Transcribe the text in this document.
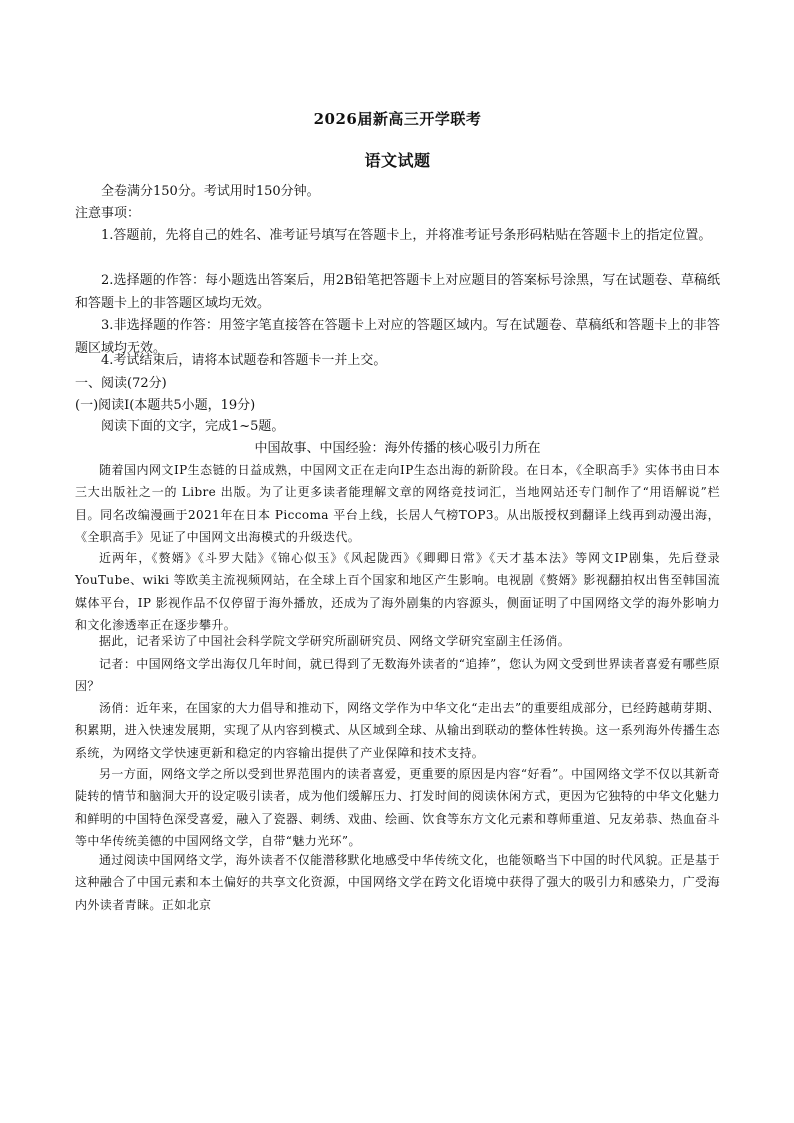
2026届新高三开学联考
语文试题
全卷满分150分。考试用时150分钟。
注意事项：
1.答题前，先将自己的姓名、准考证号填写在答题卡上，并将准考证号条形码粘贴在答题卡上的指定位置。
2.选择题的作答：每小题选出答案后，用2B铅笔把答题卡上对应题目的答案标号涂黑，写在试题卷、草稿纸和答题卡上的非答题区域均无效。
3.非选择题的作答：用签字笔直接答在答题卡上对应的答题区域内。写在试题卷、草稿纸和答题卡上的非答题区域均无效。
4.考试结束后，请将本试题卷和答题卡一并上交。
一、阅读(72分)
(一)阅读Ⅰ(本题共5小题，19分)
阅读下面的文字，完成1~5题。
中国故事、中国经验：海外传播的核心吸引力所在
随着国内网文IP生态链的日益成熟，中国网文正在走向IP生态出海的新阶段。在日本，《全职高手》实体书由日本三大出版社之一的 Libre 出版。为了让更多读者能理解文章的网络竞技词汇，当地网站还专门制作了“用语解说”栏目。同名改编漫画于2021年在日本 Piccoma 平台上线，长居人气榜TOP3。从出版授权到翻译上线再到动漫出海，《全职高手》见证了中国网文出海模式的升级迭代。
近两年，《赘婿》《斗罗大陆》《锦心似玉》《风起陇西》《卿卿日常》《天才基本法》等网文IP剧集，先后登录 YouTube、wiki 等欧美主流视频网站，在全球上百个国家和地区产生影响。电视剧《赘婿》影视翻拍权出售至韩国流媒体平台，IP 影视作品不仅停留于海外播放，还成为了海外剧集的内容源头，侧面证明了中国网络文学的海外影响力和文化渗透率正在逐步攀升。
据此，记者采访了中国社会科学院文学研究所副研究员、网络文学研究室副主任汤俏。
记者：中国网络文学出海仅几年时间，就已得到了无数海外读者的“追捧”，您认为网文受到世界读者喜爱有哪些原因？
汤俏：近年来，在国家的大力倡导和推动下，网络文学作为中华文化“走出去”的重要组成部分，已经跨越萌芽期、积累期，进入快速发展期，实现了从内容到模式、从区域到全球、从输出到联动的整体性转换。这一系列海外传播生态系统，为网络文学快速更新和稳定的内容输出提供了产业保障和技术支持。
另一方面，网络文学之所以受到世界范围内的读者喜爱，更重要的原因是内容“好看”。中国网络文学不仅以其新奇陡转的情节和脑洞大开的设定吸引读者，成为他们缓解压力、打发时间的阅读休闲方式，更因为它独特的中华文化魅力和鲜明的中国特色深受喜爱，融入了瓷器、刺绣、戏曲、绘画、饮食等东方文化元素和尊师重道、兄友弟恭、热血奋斗等中华传统美德的中国网络文学，自带“魅力光环”。
通过阅读中国网络文学，海外读者不仅能潜移默化地感受中华传统文化，也能领略当下中国的时代风貌。正是基于这种融合了中国元素和本土偏好的共享文化资源，中国网络文学在跨文化语境中获得了强大的吸引力和感染力，广受海内外读者青睐。正如北京
